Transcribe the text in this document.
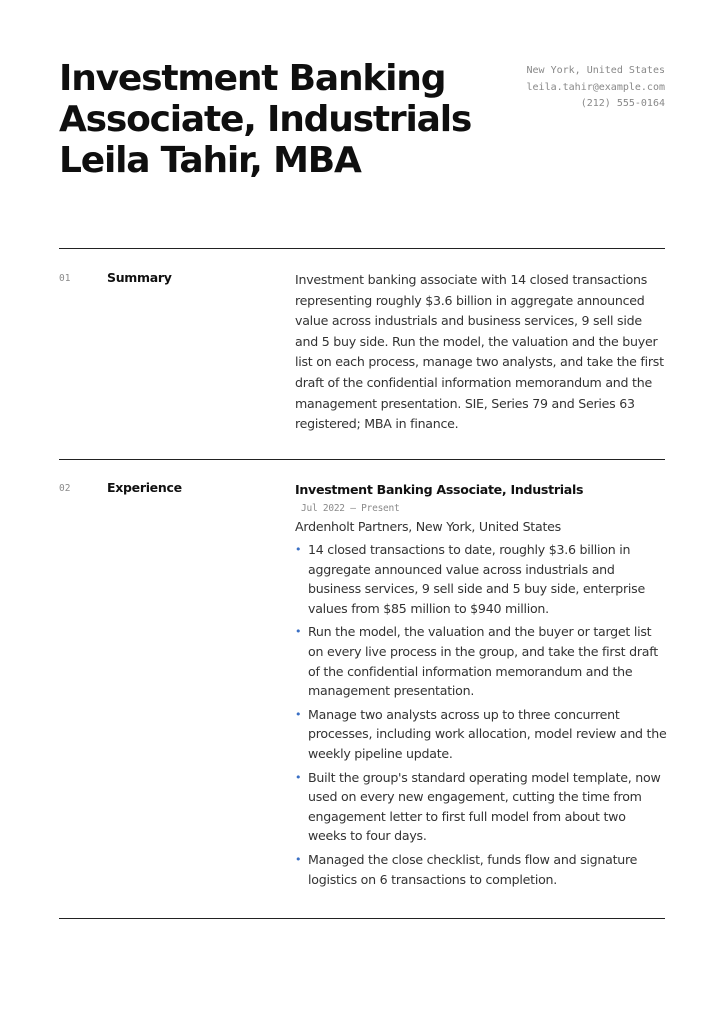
Investment Banking Associate, Industrials Leila Tahir, MBA
New York, United States
leila.tahir@example.com
(212) 555-0164
01	Summary	Investment banking associate with 14 closed transactions representing roughly $3.6 billion in aggregate announced value across industrials and business services, 9 sell side and 5 buy side. Run the model, the valuation and the buyer list on each process, manage two analysts, and take the first draft of the confidential information memorandum and the management presentation. SIE, Series 79 and Series 63 registered; MBA in finance.

02	Experience	Investment Banking Associate, Industrials
Jul 2022 — Present
Ardenholt Partners, New York, United States
• 14 closed transactions to date, roughly $3.6 billion in aggregate announced value across industrials and business services, 9 sell side and 5 buy side, enterprise values from $85 million to $940 million.
• Run the model, the valuation and the buyer or target list on every live process in the group, and take the first draft of the confidential information memorandum and the management presentation.
• Manage two analysts across up to three concurrent processes, including work allocation, model review and the weekly pipeline update.
• Built the group's standard operating model template, now used on every new engagement, cutting the time from engagement letter to first full model from about two weeks to four days.
• Managed the close checklist, funds flow and signature logistics on 6 transactions to completion.
